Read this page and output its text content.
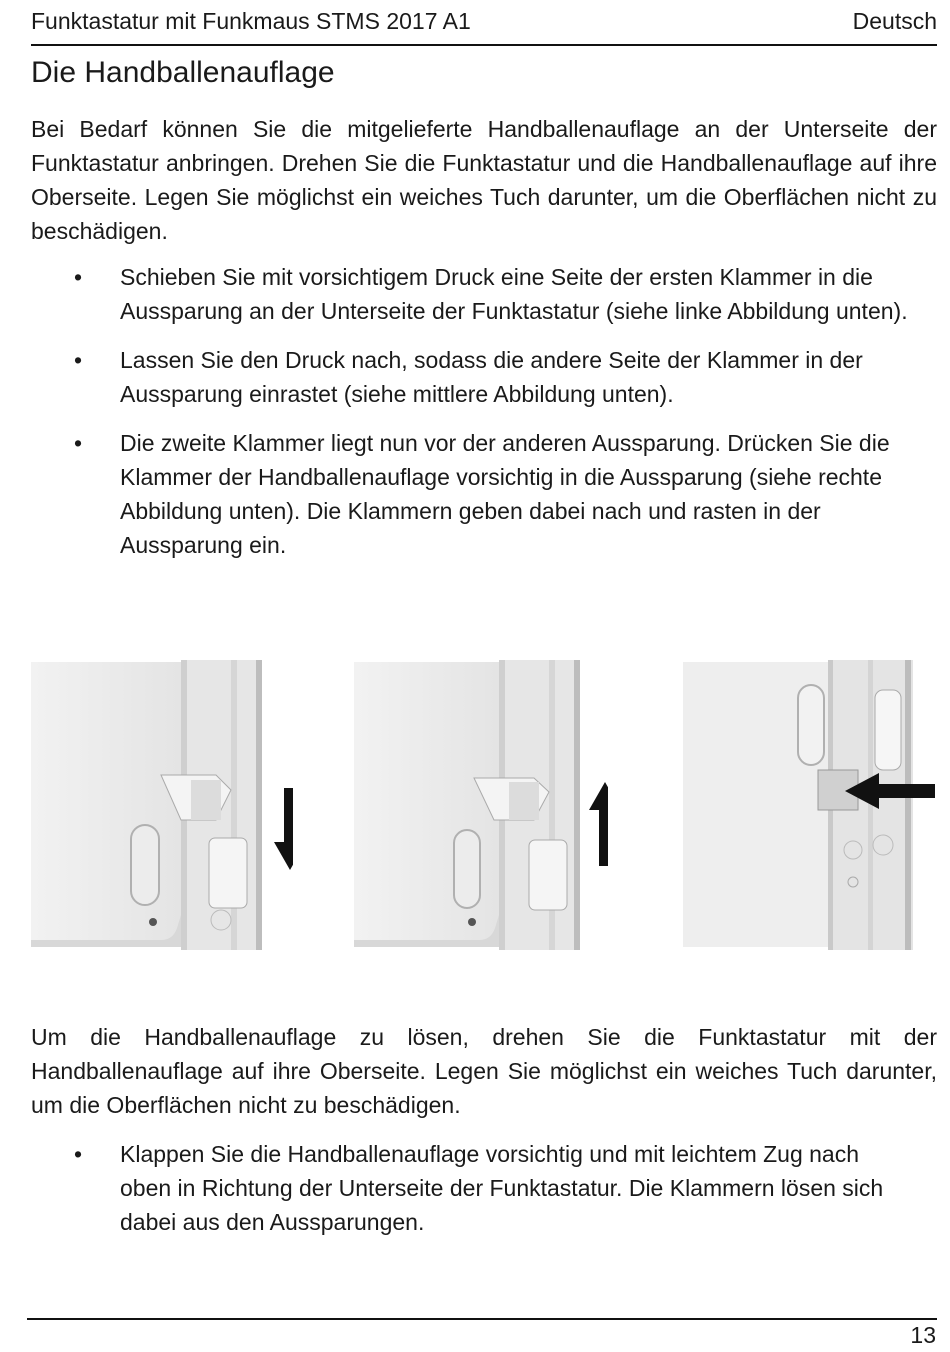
Funktastatur mit Funkmaus STMS 2017 A1	Deutsch
Die Handballenauflage

Bei Bedarf können Sie die mitgelieferte Handballenauflage an der Unterseite der Funktastatur anbringen. Drehen Sie die Funktastatur und die Handballenauflage auf ihre Oberseite. Legen Sie möglichst ein weiches Tuch darunter, um die Oberflächen nicht zu beschädigen.

• Schieben Sie mit vorsichtigem Druck eine Seite der ersten Klammer in die Aussparung an der Unterseite der Funktastatur (siehe linke Abbildung unten).
• Lassen Sie den Druck nach, sodass die andere Seite der Klammer in der Aussparung einrastet (siehe mittlere Abbildung unten).
• Die zweite Klammer liegt nun vor der anderen Aussparung. Drücken Sie die Klammer der Handballenauflage vorsichtig in die Aussparung (siehe rechte Abbildung unten). Die Klammern geben dabei nach und rasten in der Aussparung ein.

Um die Handballenauflage zu lösen, drehen Sie die Funktastatur mit der Handballenauflage auf ihre Oberseite. Legen Sie möglichst ein weiches Tuch darunter, um die Oberflächen nicht zu beschädigen.

• Klappen Sie die Handballenauflage vorsichtig und mit leichtem Zug nach oben in Richtung der Unterseite der Funktastatur. Die Klammern lösen sich dabei aus den Aussparungen.
13
